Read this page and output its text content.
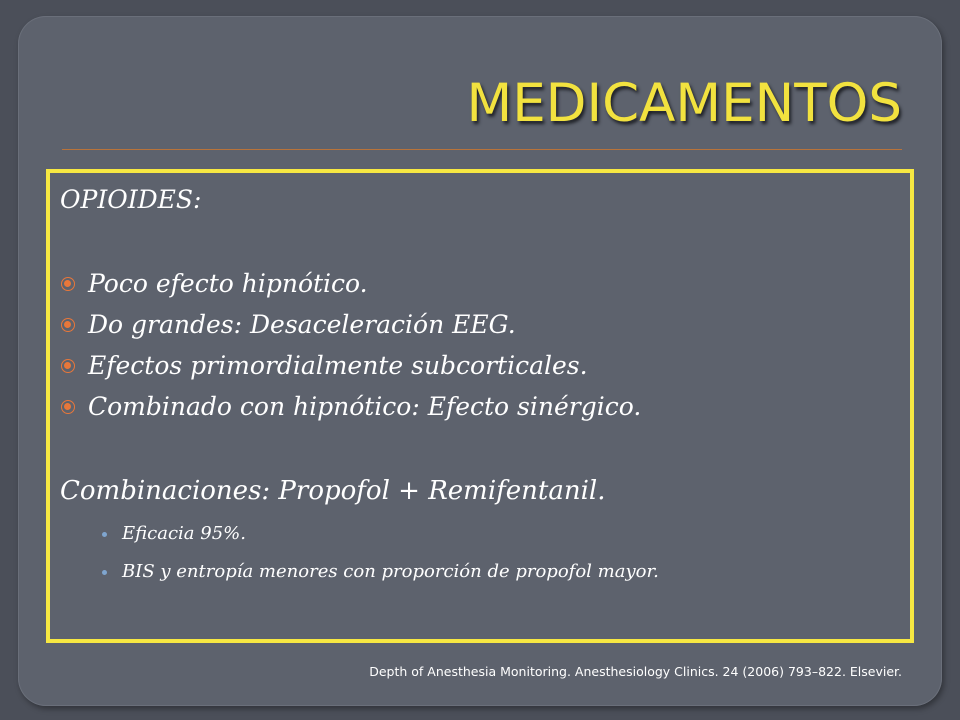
MEDICAMENTOS
OPIOIDES:
Poco efecto hipnótico.
Do grandes: Desaceleración EEG.
Efectos primordialmente subcorticales.
Combinado con hipnótico: Efecto sinérgico.
Combinaciones: Propofol + Remifentanil.
Eficacia 95%.
BIS y entropía menores con proporción de propofol mayor.
Depth of Anesthesia Monitoring. Anesthesiology Clinics. 24 (2006) 793–822. Elsevier.
